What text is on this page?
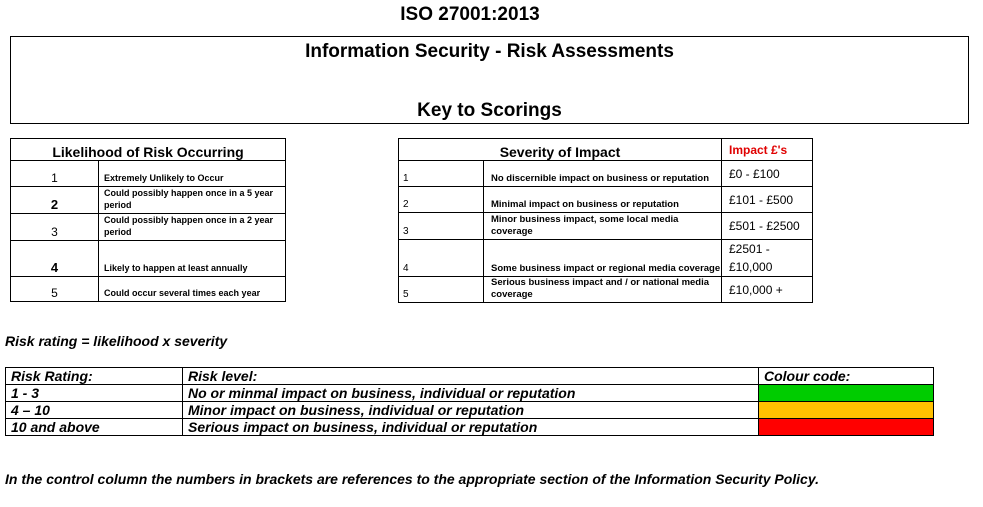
ISO 27001:2013
Information Security - Risk Assessments
Key to Scorings
Likelihood of Risk Occurring	
1	Extremely Unlikely to Occur
2	Could possibly happen once in a 5 year period
3	Could possibly happen once in a 2 year period
4	Likely to happen at least annually
5	Could occur several times each year
Severity of Impact		Impact £'s
1	No discernible impact on business or reputation	£0 - £100
2	Minimal impact on business or reputation	£101 - £500
3	Minor business impact, some local media coverage	£501 - £2500
4	Some business impact or regional media coverage	£2501 - £10,000
5	Serious business impact and / or national media coverage	£10,000 +
Risk rating = likelihood x severity
Risk Rating:	Risk level:	Colour code:
1 - 3	No or minmal impact on business, individual or reputation	
4 – 10	Minor impact on business, individual or reputation	
10 and above	Serious impact on business, individual or reputation	
In the control column the numbers in brackets are references to the appropriate section of the Information Security Policy.
